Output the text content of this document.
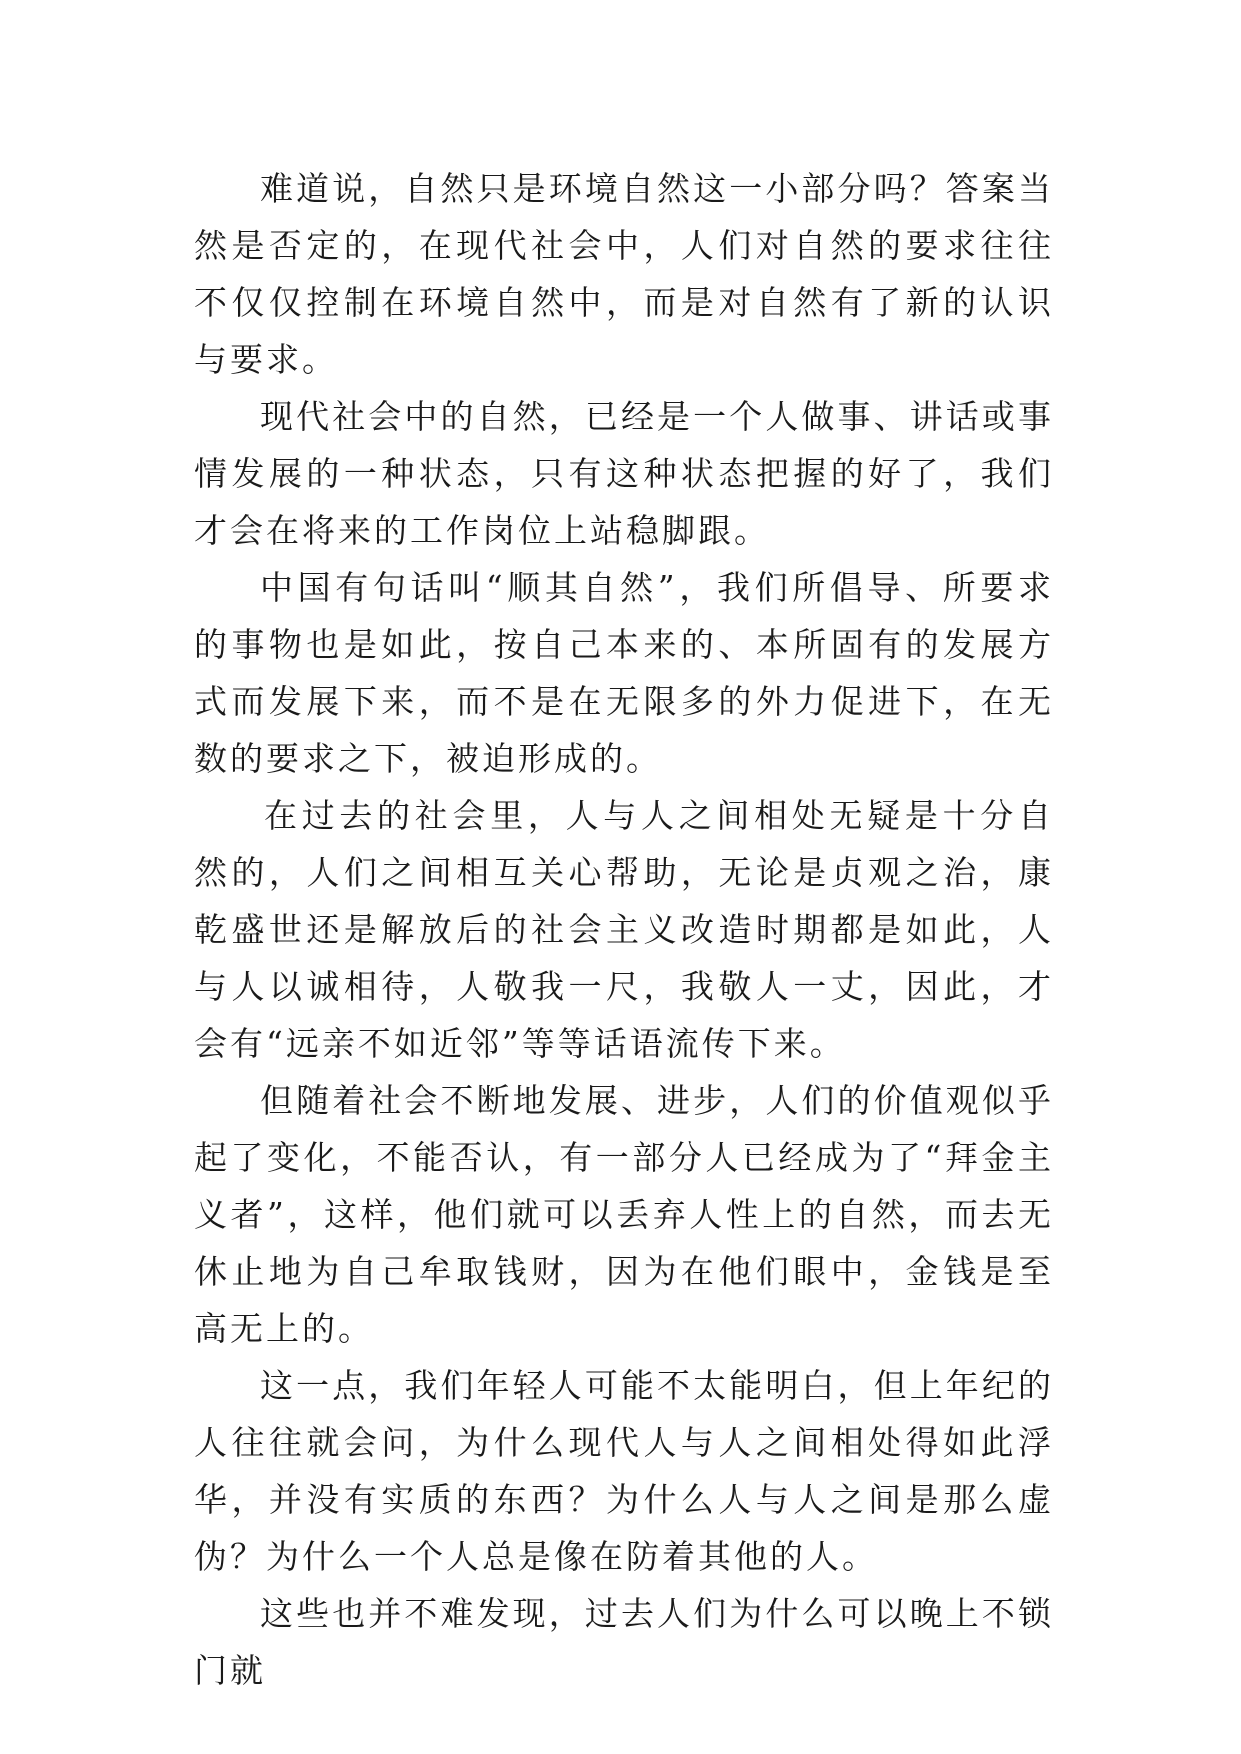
难道说，自然只是环境自然这一小部分吗？答案当然是否定的，在现代社会中，人们对自然的要求往往不仅仅控制在环境自然中，而是对自然有了新的认识与要求。

现代社会中的自然，已经是一个人做事、讲话或事情发展的一种状态，只有这种状态把握的好了，我们才会在将来的工作岗位上站稳脚跟。

中国有句话叫“顺其自然”，我们所倡导、所要求的事物也是如此，按自己本来的、本所固有的发展方式而发展下来，而不是在无限多的外力促进下，在无数的要求之下，被迫形成的。

在过去的社会里，人与人之间相处无疑是十分自然的，人们之间相互关心帮助，无论是贞观之治，康乾盛世还是解放后的社会主义改造时期都是如此，人与人以诚相待，人敬我一尺，我敬人一丈，因此，才会有“远亲不如近邻”等等话语流传下来。

但随着社会不断地发展、进步，人们的价值观似乎起了变化，不能否认，有一部分人已经成为了“拜金主义者”，这样，他们就可以丢弃人性上的自然，而去无休止地为自己牟取钱财，因为在他们眼中，金钱是至高无上的。

这一点，我们年轻人可能不太能明白，但上年纪的人往往就会问，为什么现代人与人之间相处得如此浮华，并没有实质的东西？为什么人与人之间是那么虚伪？为什么一个人总是像在防着其他的人。

这些也并不难发现，过去人们为什么可以晚上不锁门就
